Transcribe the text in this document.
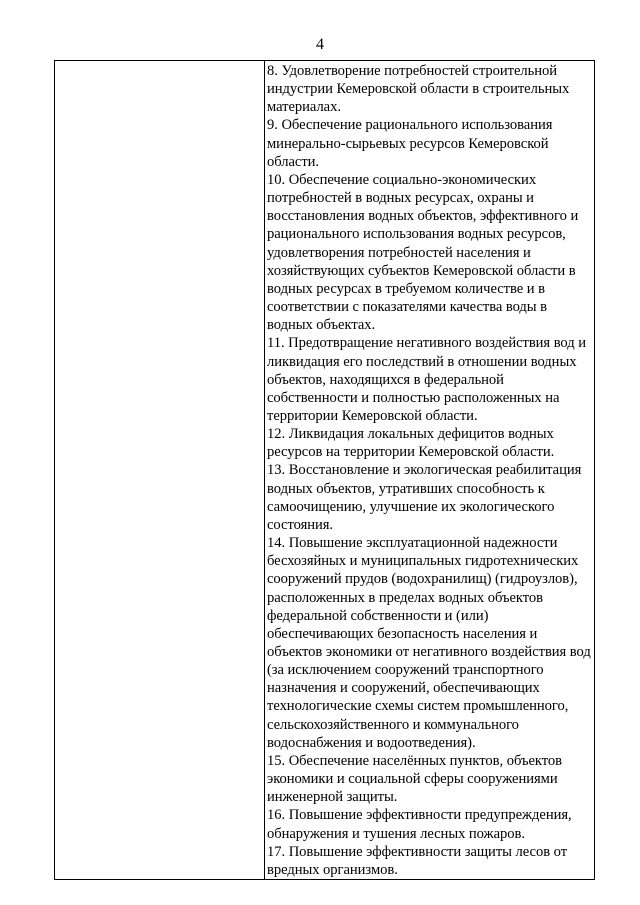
4

8. Удовлетворение потребностей строительной индустрии Кемеровской области в строительных материалах.

9. Обеспечение рационального использования минерально-сырьевых ресурсов Кемеровской области.

10. Обеспечение социально-экономических потребностей в водных ресурсах, охраны и восстановления водных объектов, эффективного и рационального использования водных ресурсов, удовлетворения потребностей населения и хозяйствующих субъектов Кемеровской области в водных ресурсах в требуемом количестве и в соответствии с показателями качества воды в водных объектах.

11. Предотвращение негативного воздействия вод и ликвидация его последствий в отношении водных объектов, находящихся в федеральной собственности и полностью расположенных на территории Кемеровской области.

12. Ликвидация локальных дефицитов водных ресурсов на территории Кемеровской области.

13. Восстановление и экологическая реабилитация водных объектов, утративших способность к самоочищению, улучшение их экологического состояния.

14. Повышение эксплуатационной надежности бесхозяйных и муниципальных гидротехнических сооружений прудов (водохранилищ) (гидроузлов), расположенных в пределах водных объектов федеральной собственности и (или) обеспечивающих безопасность населения и объектов экономики от негативного воздействия вод (за исключением сооружений транспортного назначения и сооружений, обеспечивающих технологические схемы систем промышленного, сельскохозяйственного и коммунального водоснабжения и водоотведения).

15. Обеспечение населённых пунктов, объектов экономики и социальной сферы сооружениями инженерной защиты.

16. Повышение эффективности предупреждения, обнаружения и тушения лесных пожаров.

17. Повышение эффективности защиты лесов от вредных организмов.
